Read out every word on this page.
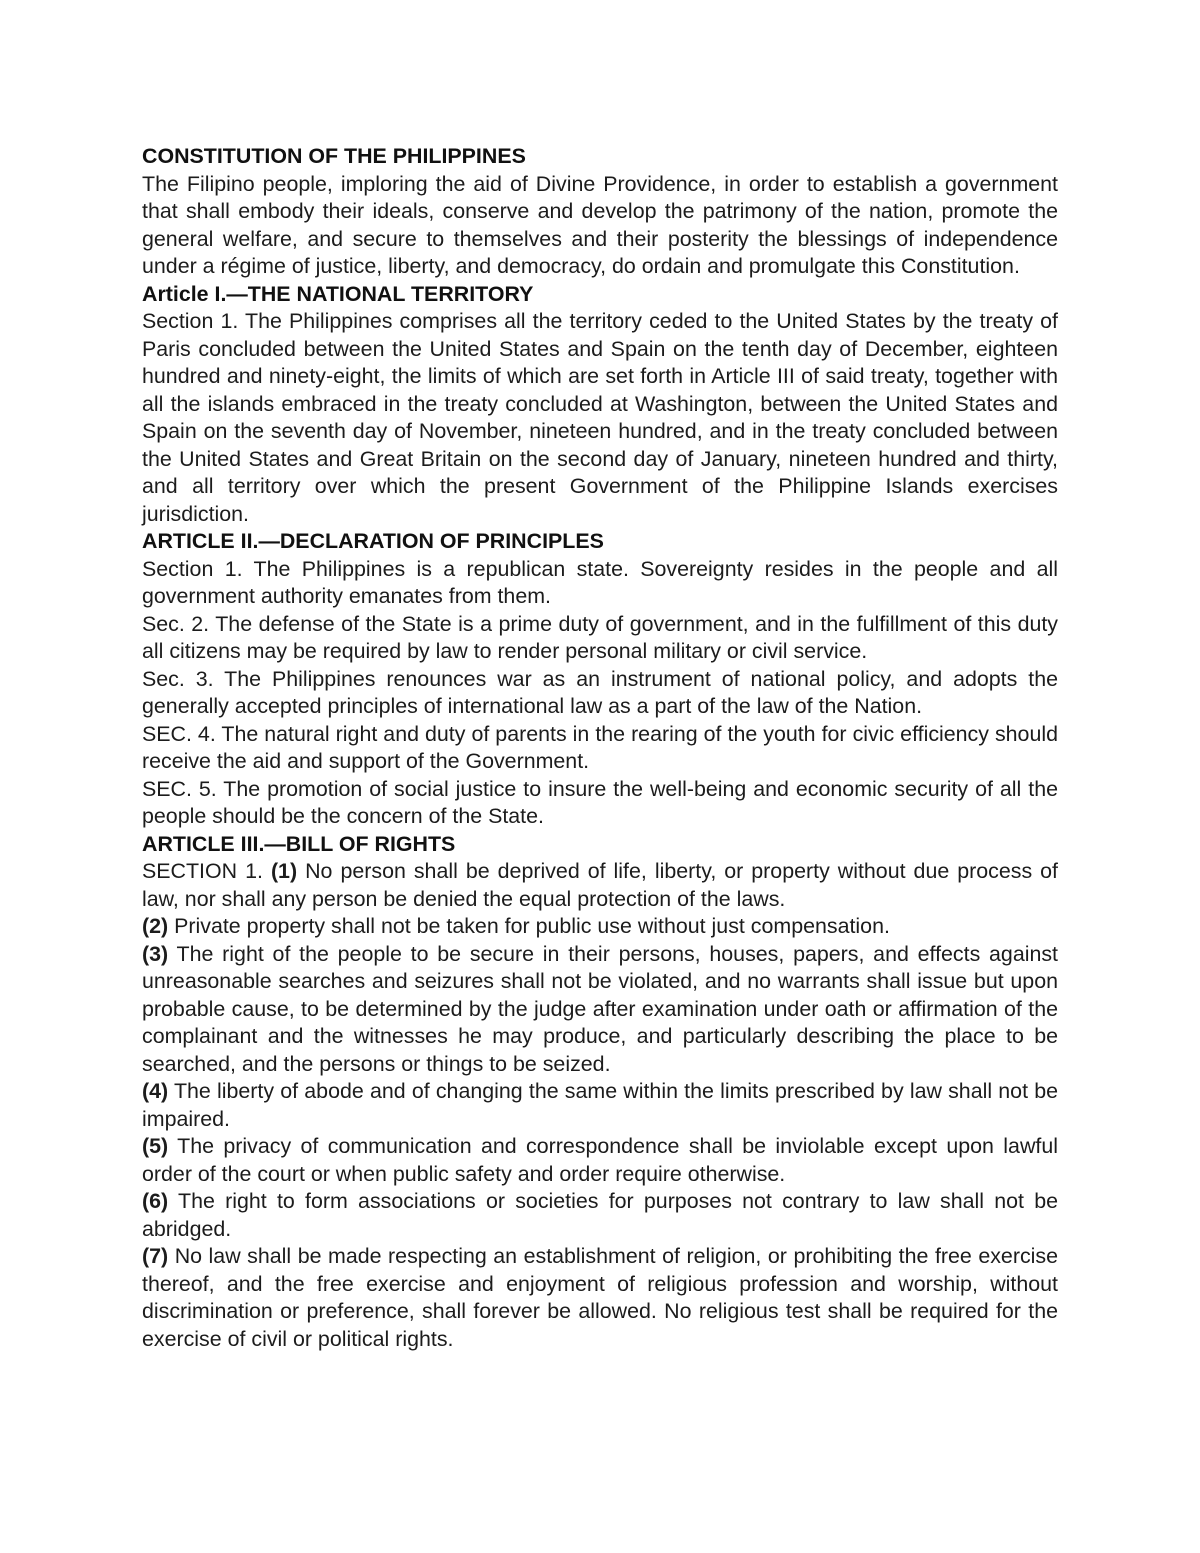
CONSTITUTION OF THE PHILIPPINES

The Filipino people, imploring the aid of Divine Providence, in order to establish a government that shall embody their ideals, conserve and develop the patrimony of the nation, promote the general welfare, and secure to themselves and their posterity the blessings of independence under a régime of justice, liberty, and democracy, do ordain and promulgate this Constitution.

Article I.—THE NATIONAL TERRITORY

Section 1. The Philippines comprises all the territory ceded to the United States by the treaty of Paris concluded between the United States and Spain on the tenth day of December, eighteen hundred and ninety-eight, the limits of which are set forth in Article III of said treaty, together with all the islands embraced in the treaty concluded at Washington, between the United States and Spain on the seventh day of November, nineteen hundred, and in the treaty concluded between the United States and Great Britain on the second day of January, nineteen hundred and thirty, and all territory over which the present Government of the Philippine Islands exercises jurisdiction.

ARTICLE II.—DECLARATION OF PRINCIPLES

Section 1. The Philippines is a republican state. Sovereignty resides in the people and all government authority emanates from them.

Sec. 2. The defense of the State is a prime duty of government, and in the fulfillment of this duty all citizens may be required by law to render personal military or civil service.

Sec. 3. The Philippines renounces war as an instrument of national policy, and adopts the generally accepted principles of international law as a part of the law of the Nation.

SEC. 4. The natural right and duty of parents in the rearing of the youth for civic efficiency should receive the aid and support of the Government.

SEC. 5. The promotion of social justice to insure the well-being and economic security of all the people should be the concern of the State.

ARTICLE III.—BILL OF RIGHTS

SECTION 1. (1) No person shall be deprived of life, liberty, or property without due process of law, nor shall any person be denied the equal protection of the laws.

(2) Private property shall not be taken for public use without just compensation.

(3) The right of the people to be secure in their persons, houses, papers, and effects against unreasonable searches and seizures shall not be violated, and no warrants shall issue but upon probable cause, to be determined by the judge after examination under oath or affirmation of the complainant and the witnesses he may produce, and particularly describing the place to be searched, and the persons or things to be seized.

(4) The liberty of abode and of changing the same within the limits prescribed by law shall not be impaired.

(5) The privacy of communication and correspondence shall be inviolable except upon lawful order of the court or when public safety and order require otherwise.

(6) The right to form associations or societies for purposes not contrary to law shall not be abridged.

(7) No law shall be made respecting an establishment of religion, or prohibiting the free exercise thereof, and the free exercise and enjoyment of religious profession and worship, without discrimination or preference, shall forever be allowed. No religious test shall be required for the exercise of civil or political rights.
